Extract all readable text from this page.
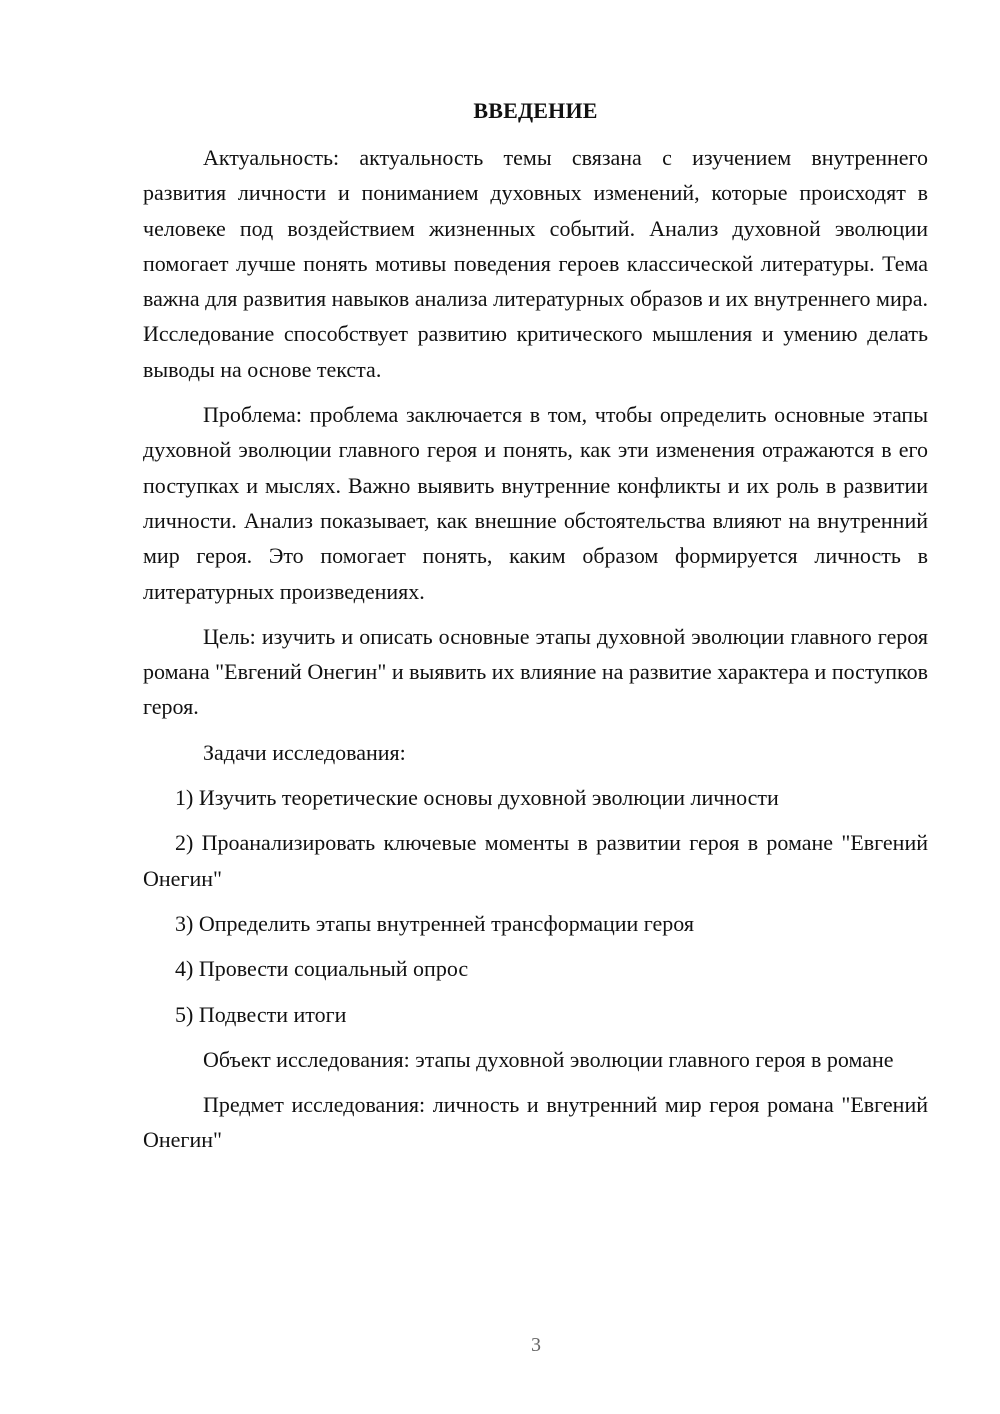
ВВЕДЕНИЕ

Актуальность: актуальность темы связана с изучением внутреннего развития личности и пониманием духовных изменений, которые происходят в человеке под воздействием жизненных событий. Анализ духовной эволюции помогает лучше понять мотивы поведения героев классической литературы. Тема важна для развития навыков анализа литературных образов и их внутреннего мира. Исследование способствует развитию критического мышления и умению делать выводы на основе текста.

Проблема: проблема заключается в том, чтобы определить основные этапы духовной эволюции главного героя и понять, как эти изменения отражаются в его поступках и мыслях. Важно выявить внутренние конфликты и их роль в развитии личности. Анализ показывает, как внешние обстоятельства влияют на внутренний мир героя. Это помогает понять, каким образом формируется личность в литературных произведениях.

Цель: изучить и описать основные этапы духовной эволюции главного героя романа "Евгений Онегин" и выявить их влияние на развитие характера и поступков героя.

Задачи исследования:

1) Изучить теоретические основы духовной эволюции личности

2) Проанализировать ключевые моменты в развитии героя в романе "Евгений Онегин"

3) Определить этапы внутренней трансформации героя

4) Провести социальный опрос

5) Подвести итоги

Объект исследования: этапы духовной эволюции главного героя в романе

Предмет исследования: личность и внутренний мир героя романа "Евгений Онегин"

3
